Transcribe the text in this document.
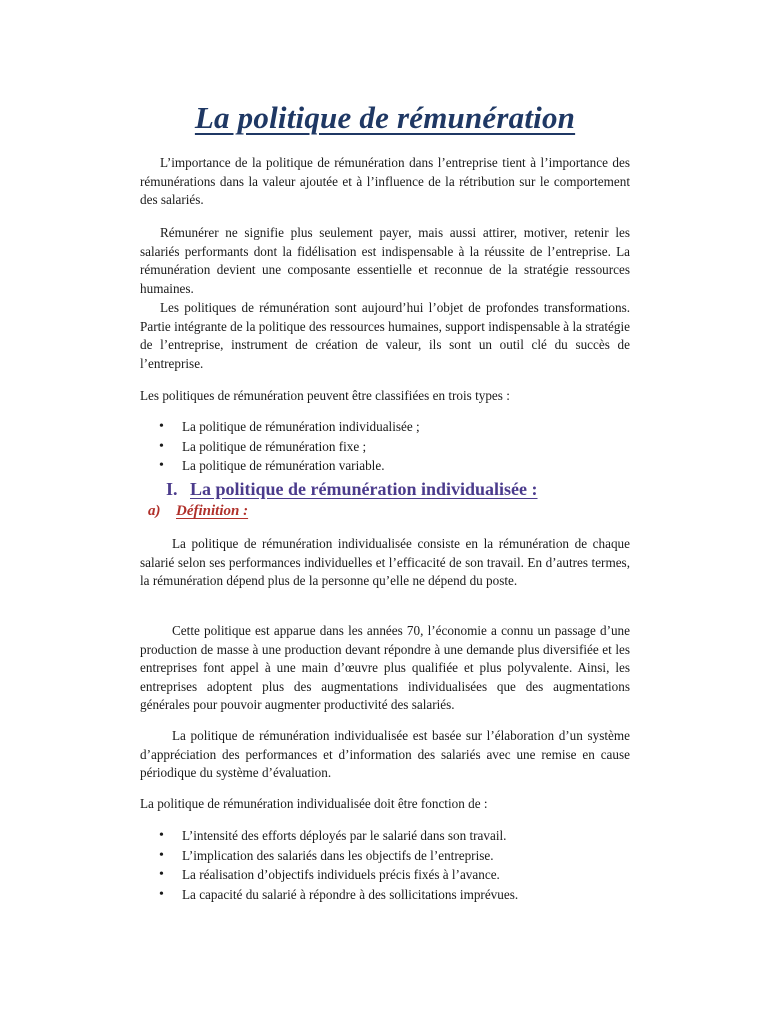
La politique de rémunération

L’importance de la politique de rémunération dans l’entreprise tient à l’importance des rémunérations dans la valeur ajoutée et à l’influence de la rétribution sur le comportement des salariés.

Rémunérer ne signifie plus seulement payer, mais aussi attirer, motiver, retenir les salariés performants dont la fidélisation est indispensable à la réussite de l’entreprise. La rémunération devient une composante essentielle et reconnue de la stratégie ressources humaines.

Les politiques de rémunération sont aujourd’hui l’objet de profondes transformations. Partie intégrante de la politique des ressources humaines, support indispensable à la stratégie de l’entreprise, instrument de création de valeur, ils sont un outil clé du succès de l’entreprise.

Les politiques de rémunération peuvent être classifiées en trois types :

• La politique de rémunération individualisée ;
• La politique de rémunération fixe ;
• La politique de rémunération variable.
I. La politique de rémunération individualisée :
a) Définition :

La politique de rémunération individualisée consiste en la rémunération de chaque salarié selon ses performances individuelles et l’efficacité de son travail. En d’autres termes, la rémunération dépend plus de la personne qu’elle ne dépend du poste.

Cette politique est apparue dans les années 70, l’économie a connu un passage d’une production de masse à une production devant répondre à une demande plus diversifiée et les entreprises font appel à une main d’œuvre plus qualifiée et plus polyvalente. Ainsi, les entreprises adoptent plus des augmentations individualisées que des augmentations générales pour pouvoir augmenter productivité des salariés.

La politique de rémunération individualisée est basée sur l’élaboration d’un système d’appréciation des performances et d’information des salariés avec une remise en cause périodique du système d’évaluation.

La politique de rémunération individualisée doit être fonction de :

• L’intensité des efforts déployés par le salarié dans son travail.
• L’implication des salariés dans les objectifs de l’entreprise.
• La réalisation d’objectifs individuels précis fixés à l’avance.
• La capacité du salarié à répondre à des sollicitations imprévues.
